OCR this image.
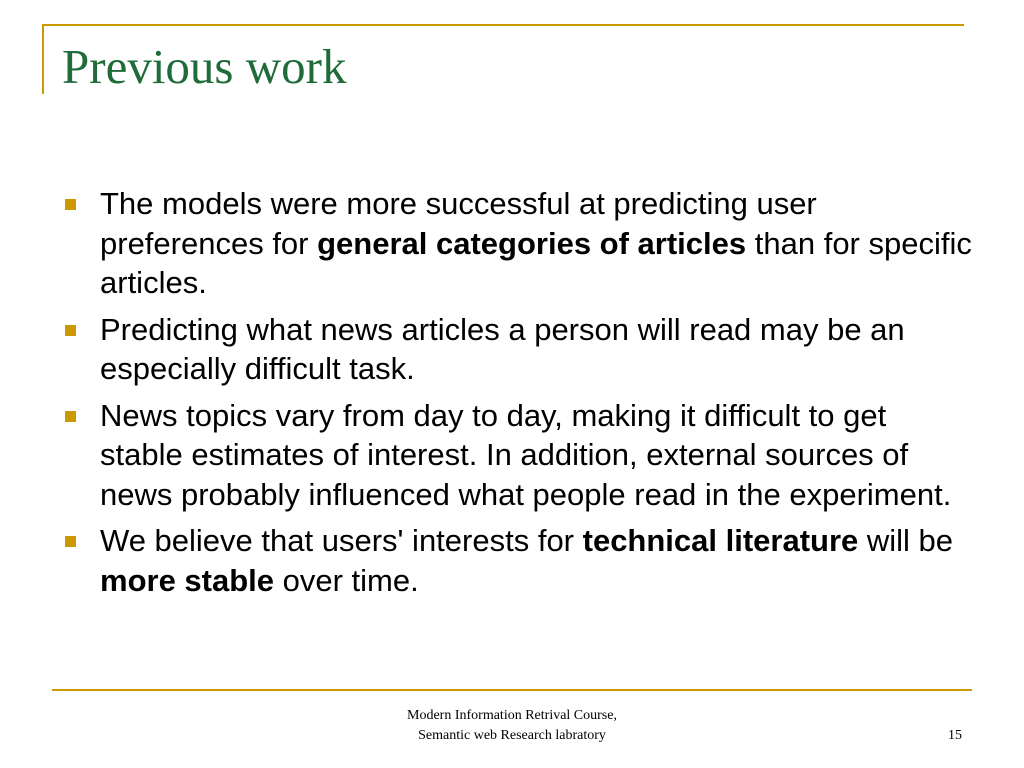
Previous work
The models were more successful at predicting user preferences for general categories of articles than for specific articles.
Predicting what news articles a person will read may be an especially difficult task.
News topics vary from day to day, making it difficult to get stable estimates of interest. In addition, external sources of news probably influenced what people read in the experiment.
We believe that users' interests for technical literature will be more stable over time.
Modern Information Retrival Course,
Semantic web Research labratory	15
